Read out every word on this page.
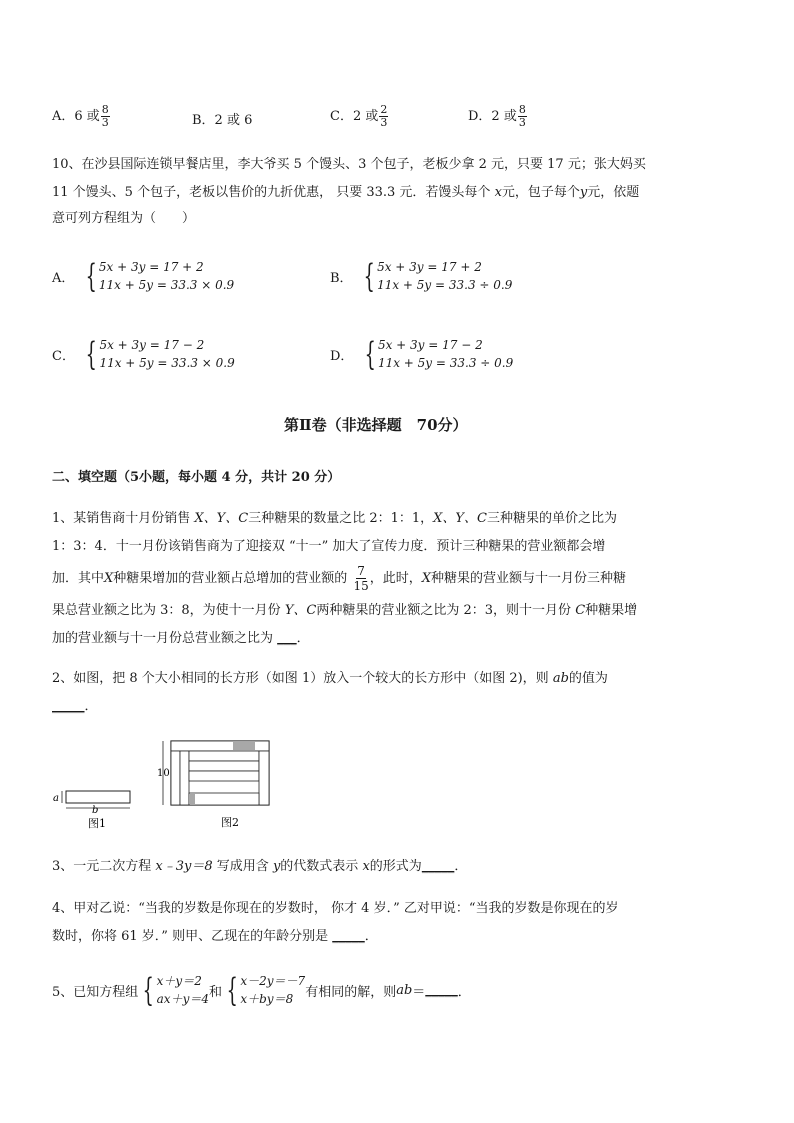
A．6 或 $\frac{8}{3}$	B．2 或 6	C．2 或 $\frac{2}{3}$	D．2 或 $\frac{8}{3}$
10、在沙县国际连锁早餐店里，李大爷买 5 个馒头、3 个包子，老板少拿 2 元，只要 17 元；张大妈买
11 个馒头、5 个包子，老板以售价的九折优惠， 只要 33.3 元．若馒头每个 x元，包子每个y元，依题
意可列方程组为（　　）
A． { 5x + 3y = 17 + 2
11x + 5y = 33.3 × 0.9	B． { 5x + 3y = 17 + 2
11x + 5y = 33.3 ÷ 0.9
C． { 5x + 3y = 17 − 2
11x + 5y = 33.3 × 0.9	D． { 5x + 3y = 17 − 2
11x + 5y = 33.3 ÷ 0.9
第Ⅱ卷（非选择题　70分）
二、填空题（5小题，每小题 4 分，共计 20 分）
1、某销售商十月份销售 X、Y、C三种糖果的数量之比 2：1：1，X、Y、C三种糖果的单价之比为
1：3：4．十一月份该销售商为了迎接双 “十一” 加大了宣传力度．预计三种糖果的营业额都会增
加．其中X种糖果增加的营业额占总增加的营业额的 $\frac{7}{15}$ ，此时，X种糖果的营业额与十一月份三种糖
果总营业额之比为 3：8，为使十一月份 Y、C两种糖果的营业额之比为 2：3，则十一月份 C种糖果增
加的营业额与十一月份总营业额之比为 ___．
2、如图，把 8 个大小相同的长方形（如图 1）放入一个较大的长方形中（如图 2)，则 ab的值为
_____．
a
b
图1
10
图2
3、一元二次方程 x﹣3y＝8 写成用含 y的代数式表示 x的形式为_____．
4、甲对乙说：“当我的岁数是你现在的岁数时， 你才 4 岁．” 乙对甲说：“当我的岁数是你现在的岁
数时，你将 61 岁．” 则甲、乙现在的年龄分别是 _____．
5、已知方程组 { x＋y＝2
ax＋y＝4 和 { x－2y＝－7
x＋by＝8 有相同的解，则 ab ＝ _____ ．
